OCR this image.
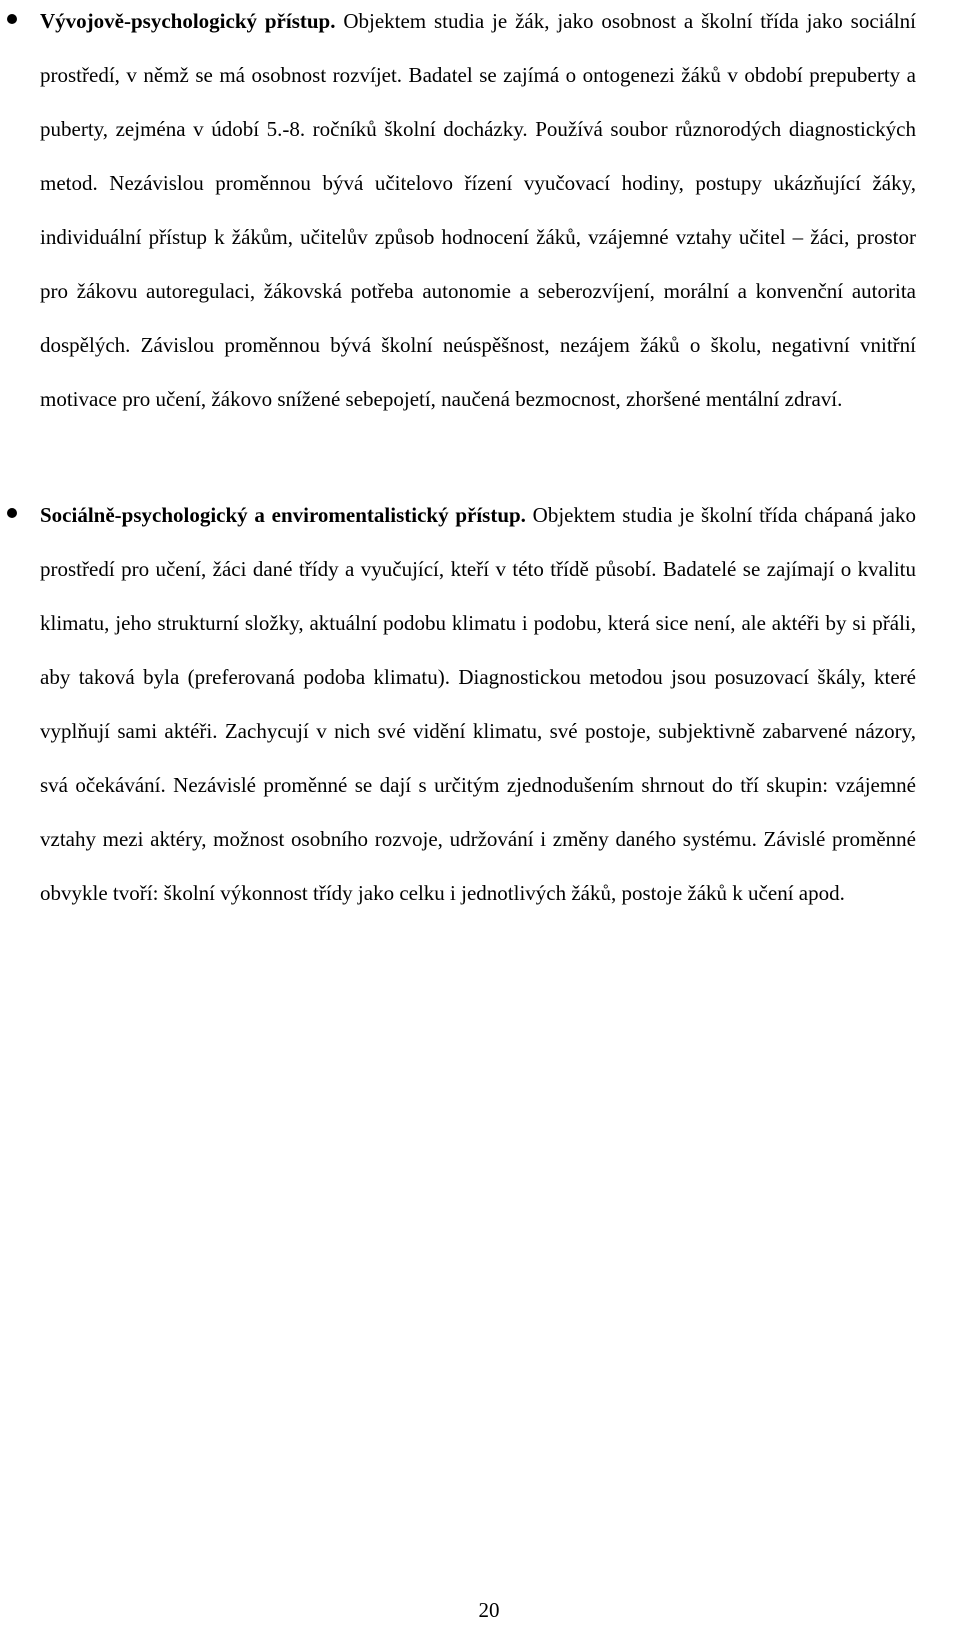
Vývojově-psychologický přístup. Objektem studia je žák, jako osobnost a školní třída jako sociální prostředí, v němž se má osobnost rozvíjet. Badatel se zajímá o ontogenezi žáků v období prepuberty a puberty, zejména v údobí 5.-8. ročníků školní docházky. Používá soubor různorodých diagnostických metod. Nezávislou proměnnou bývá učitelovo řízení vyučovací hodiny, postupy ukázňující žáky, individuální přístup k žákům, učitelův způsob hodnocení žáků, vzájemné vztahy učitel – žáci, prostor pro žákovu autoregulaci, žákovská potřeba autonomie a seberozvíjení, morální a konvenční autorita dospělých. Závislou proměnnou bývá školní neúspěšnost, nezájem žáků o školu, negativní vnitřní motivace pro učení, žákovo snížené sebepojetí, naučená bezmocnost, zhoršené mentální zdraví.

Sociálně-psychologický a enviromentalistický přístup. Objektem studia je školní třída chápaná jako prostředí pro učení, žáci dané třídy a vyučující, kteří v této třídě působí. Badatelé se zajímají o kvalitu klimatu, jeho strukturní složky, aktuální podobu klimatu i podobu, která sice není, ale aktéři by si přáli, aby taková byla (preferovaná podoba klimatu). Diagnostickou metodou jsou posuzovací škály, které vyplňují sami aktéři. Zachycují v nich své vidění klimatu, své postoje, subjektivně zabarvené názory, svá očekávání. Nezávislé proměnné se dají s určitým zjednodušením shrnout do tří skupin: vzájemné vztahy mezi aktéry, možnost osobního rozvoje, udržování i změny daného systému. Závislé proměnné obvykle tvoří: školní výkonnost třídy jako celku i jednotlivých žáků, postoje žáků k učení apod.

20
